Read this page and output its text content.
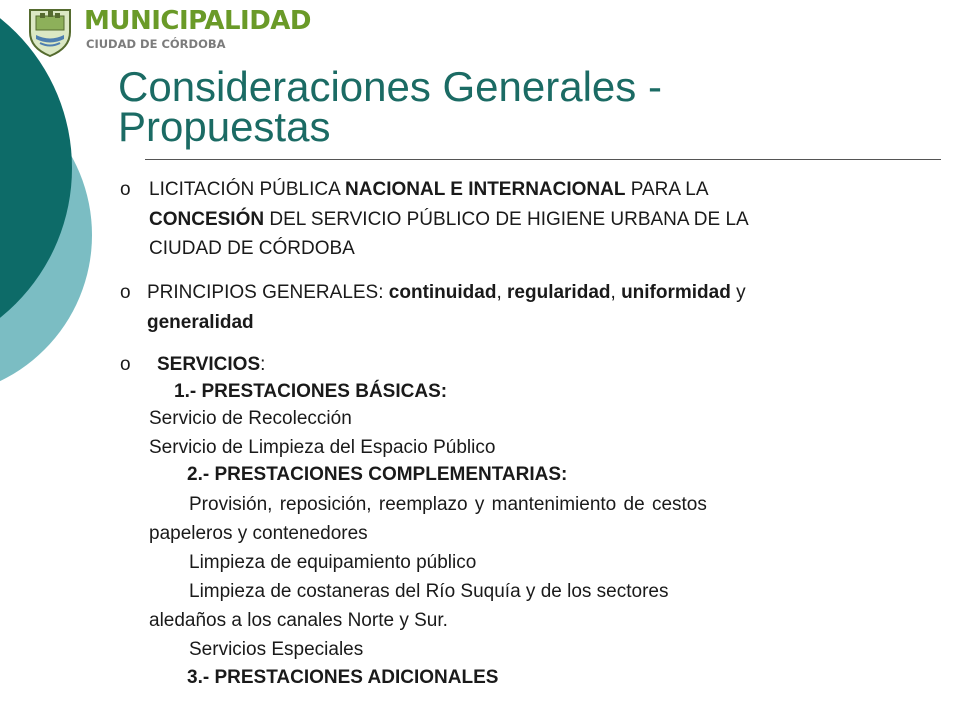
MUNICIPALIDAD
CIUDAD DE CÓRDOBA
Consideraciones Generales -
Propuestas
o LICITACIÓN PÚBLICA NACIONAL E INTERNACIONAL PARA LA
CONCESIÓN DEL SERVICIO PÚBLICO DE HIGIENE URBANA DE LA
CIUDAD DE CÓRDOBA
o PRINCIPIOS GENERALES: continuidad, regularidad, uniformidad y
generalidad
o SERVICIOS:
1.- PRESTACIONES BÁSICAS:
Servicio de Recolección
Servicio de Limpieza del Espacio Público
2.- PRESTACIONES COMPLEMENTARIAS:
Provisión, reposición, reemplazo y mantenimiento de cestos
papeleros y contenedores
Limpieza de equipamiento público
Limpieza de costaneras del Río Suquía y de los sectores
aledaños a los canales Norte y Sur.
Servicios Especiales
3.- PRESTACIONES ADICIONALES
